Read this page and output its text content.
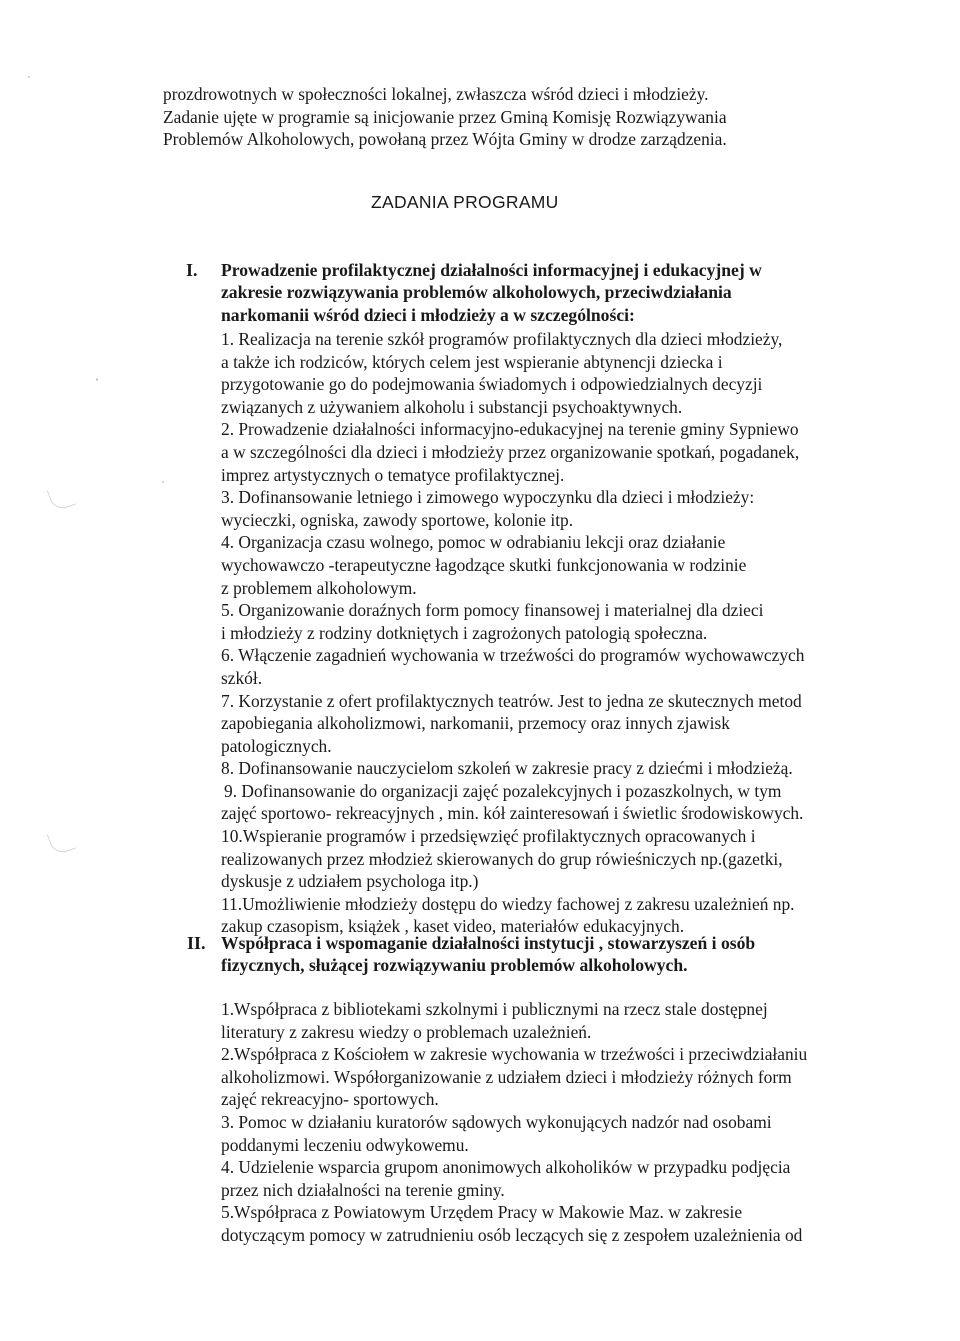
prozdrowotnych w społeczności lokalnej, zwłaszcza wśród dzieci i młodzieży.
Zadanie ujęte w programie są inicjowanie przez Gminą Komisję Rozwiązywania
Problemów Alkoholowych, powołaną przez Wójta Gminy w drodze zarządzenia.
ZADANIA PROGRAMU
I. Prowadzenie profilaktycznej działalności informacyjnej i edukacyjnej w
zakresie rozwiązywania problemów alkoholowych, przeciwdziałania
narkomanii wśród dzieci i młodzieży a w szczególności:
1. Realizacja na terenie szkół programów profilaktycznych dla dzieci młodzieży,
a także ich rodziców, których celem jest wspieranie abtynencji dziecka i
przygotowanie go do podejmowania świadomych i odpowiedzialnych decyzji
związanych z używaniem alkoholu i substancji psychoaktywnych.
2. Prowadzenie działalności informacyjno-edukacyjnej na terenie gminy Sypniewo
a w szczególności dla dzieci i młodzieży przez organizowanie spotkań, pogadanek,
imprez artystycznych o tematyce profilaktycznej.
3. Dofinansowanie letniego i zimowego wypoczynku dla dzieci i młodzieży:
wycieczki, ogniska, zawody sportowe, kolonie itp.
4. Organizacja czasu wolnego, pomoc w odrabianiu lekcji oraz działanie
wychowawczo -terapeutyczne łagodzące skutki funkcjonowania w rodzinie
z problemem alkoholowym.
5. Organizowanie doraźnych form pomocy finansowej i materialnej dla dzieci
i młodzieży z rodziny dotkniętych i zagrożonych patologią społeczna.
6. Włączenie zagadnień wychowania w trzeźwości do programów wychowawczych
szkół.
7. Korzystanie z ofert profilaktycznych teatrów. Jest to jedna ze skutecznych metod
zapobiegania alkoholizmowi, narkomanii, przemocy oraz innych zjawisk
patologicznych.
8. Dofinansowanie nauczycielom szkoleń w zakresie pracy z dziećmi i młodzieżą.
9. Dofinansowanie do organizacji zajęć pozalekcyjnych i pozaszkolnych, w tym
zajęć sportowo- rekreacyjnych , min. kół zainteresowań i świetlic środowiskowych.
10.Wspieranie programów i przedsięwzięć profilaktycznych opracowanych i
realizowanych przez młodzież skierowanych do grup rówieśniczych np.(gazetki,
dyskusje z udziałem psychologa itp.)
11.Umożliwienie młodzieży dostępu do wiedzy fachowej z zakresu uzależnień np.
zakup czasopism, książek , kaset video, materiałów edukacyjnych.
II. Współpraca i wspomaganie działalności instytucji , stowarzyszeń i osób
fizycznych, służącej rozwiązywaniu problemów alkoholowych.
1.Współpraca z bibliotekami szkolnymi i publicznymi na rzecz stale dostępnej
literatury z zakresu wiedzy o problemach uzależnień.
2.Współpraca z Kościołem w zakresie wychowania w trzeźwości i przeciwdziałaniu
alkoholizmowi. Współorganizowanie z udziałem dzieci i młodzieży różnych form
zajęć rekreacyjno- sportowych.
3. Pomoc w działaniu kuratorów sądowych wykonujących nadzór nad osobami
poddanymi leczeniu odwykowemu.
4. Udzielenie wsparcia grupom anonimowych alkoholików w przypadku podjęcia
przez nich działalności na terenie gminy.
5.Współpraca z Powiatowym Urzędem Pracy w Makowie Maz. w zakresie
dotyczącym pomocy w zatrudnieniu osób leczących się z zespołem uzależnienia od
